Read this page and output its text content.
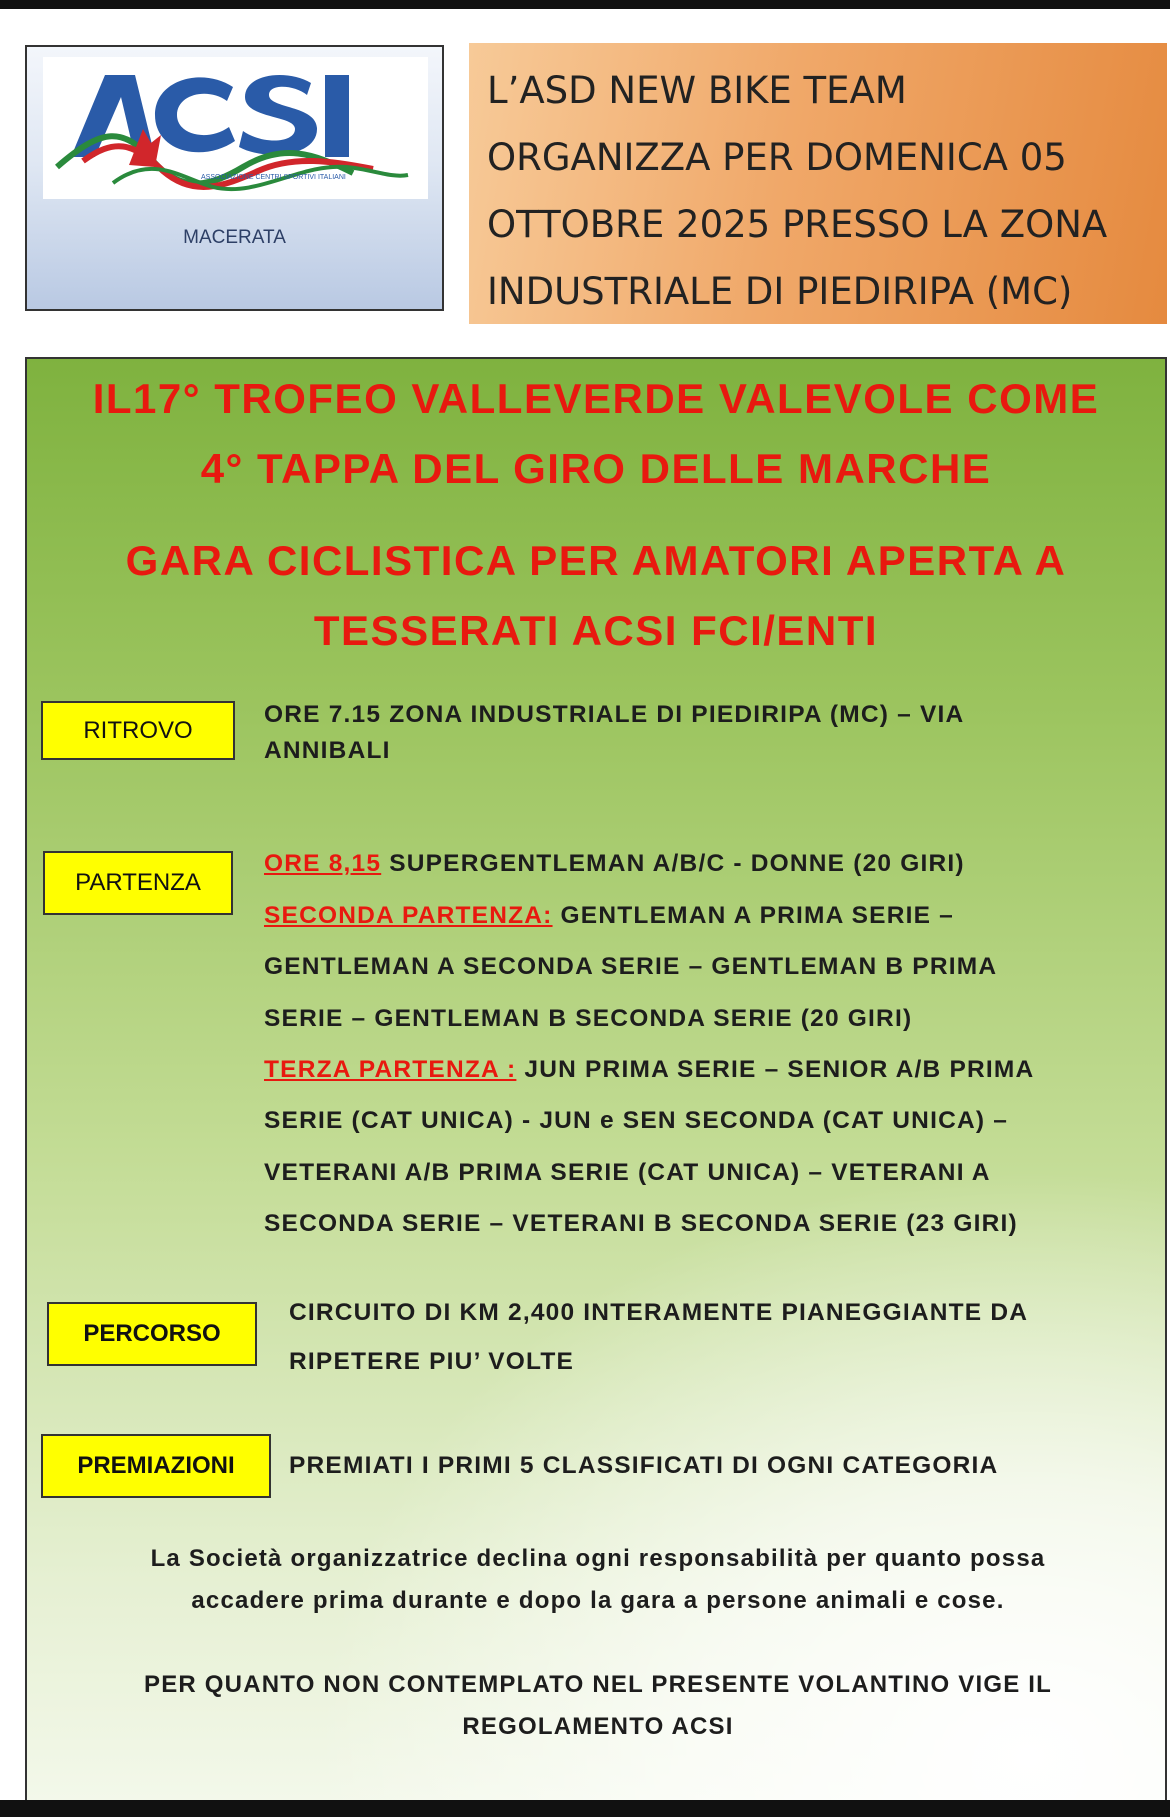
ASSOCIAZIONE CENTRI SPORTIVI ITALIANI
MACERATA
L’ASD NEW BIKE TEAM
ORGANIZZA PER DOMENICA 05
OTTOBRE 2025 PRESSO LA ZONA
INDUSTRIALE DI PIEDIRIPA (MC)
IL17° TROFEO VALLEVERDE VALEVOLE COME
4° TAPPA DEL GIRO DELLE MARCHE
GARA CICLISTICA PER AMATORI APERTA A
TESSERATI ACSI FCI/ENTI
RITROVO
ORE 7.15 ZONA INDUSTRIALE DI PIEDIRIPA (MC) – VIA
ANNIBALI
PARTENZA
ORE 8,15 SUPERGENTLEMAN A/B/C - DONNE (20 GIRI)
SECONDA PARTENZA: GENTLEMAN A PRIMA SERIE –
GENTLEMAN A SECONDA SERIE – GENTLEMAN B PRIMA
SERIE – GENTLEMAN B SECONDA SERIE (20 GIRI)
TERZA PARTENZA : JUN PRIMA SERIE – SENIOR A/B PRIMA
SERIE (CAT UNICA) - JUN e SEN SECONDA (CAT UNICA) –
VETERANI A/B PRIMA SERIE (CAT UNICA) – VETERANI A
SECONDA SERIE – VETERANI B SECONDA SERIE (23 GIRI)
PERCORSO
CIRCUITO DI KM 2,400 INTERAMENTE PIANEGGIANTE DA
RIPETERE PIU’ VOLTE
PREMIAZIONI	PREMIATI I PRIMI 5 CLASSIFICATI DI OGNI CATEGORIA
La Società organizzatrice declina ogni responsabilità per quanto possa
accadere prima durante e dopo la gara a persone animali e cose.
PER QUANTO NON CONTEMPLATO NEL PRESENTE VOLANTINO VIGE IL
REGOLAMENTO ACSI
